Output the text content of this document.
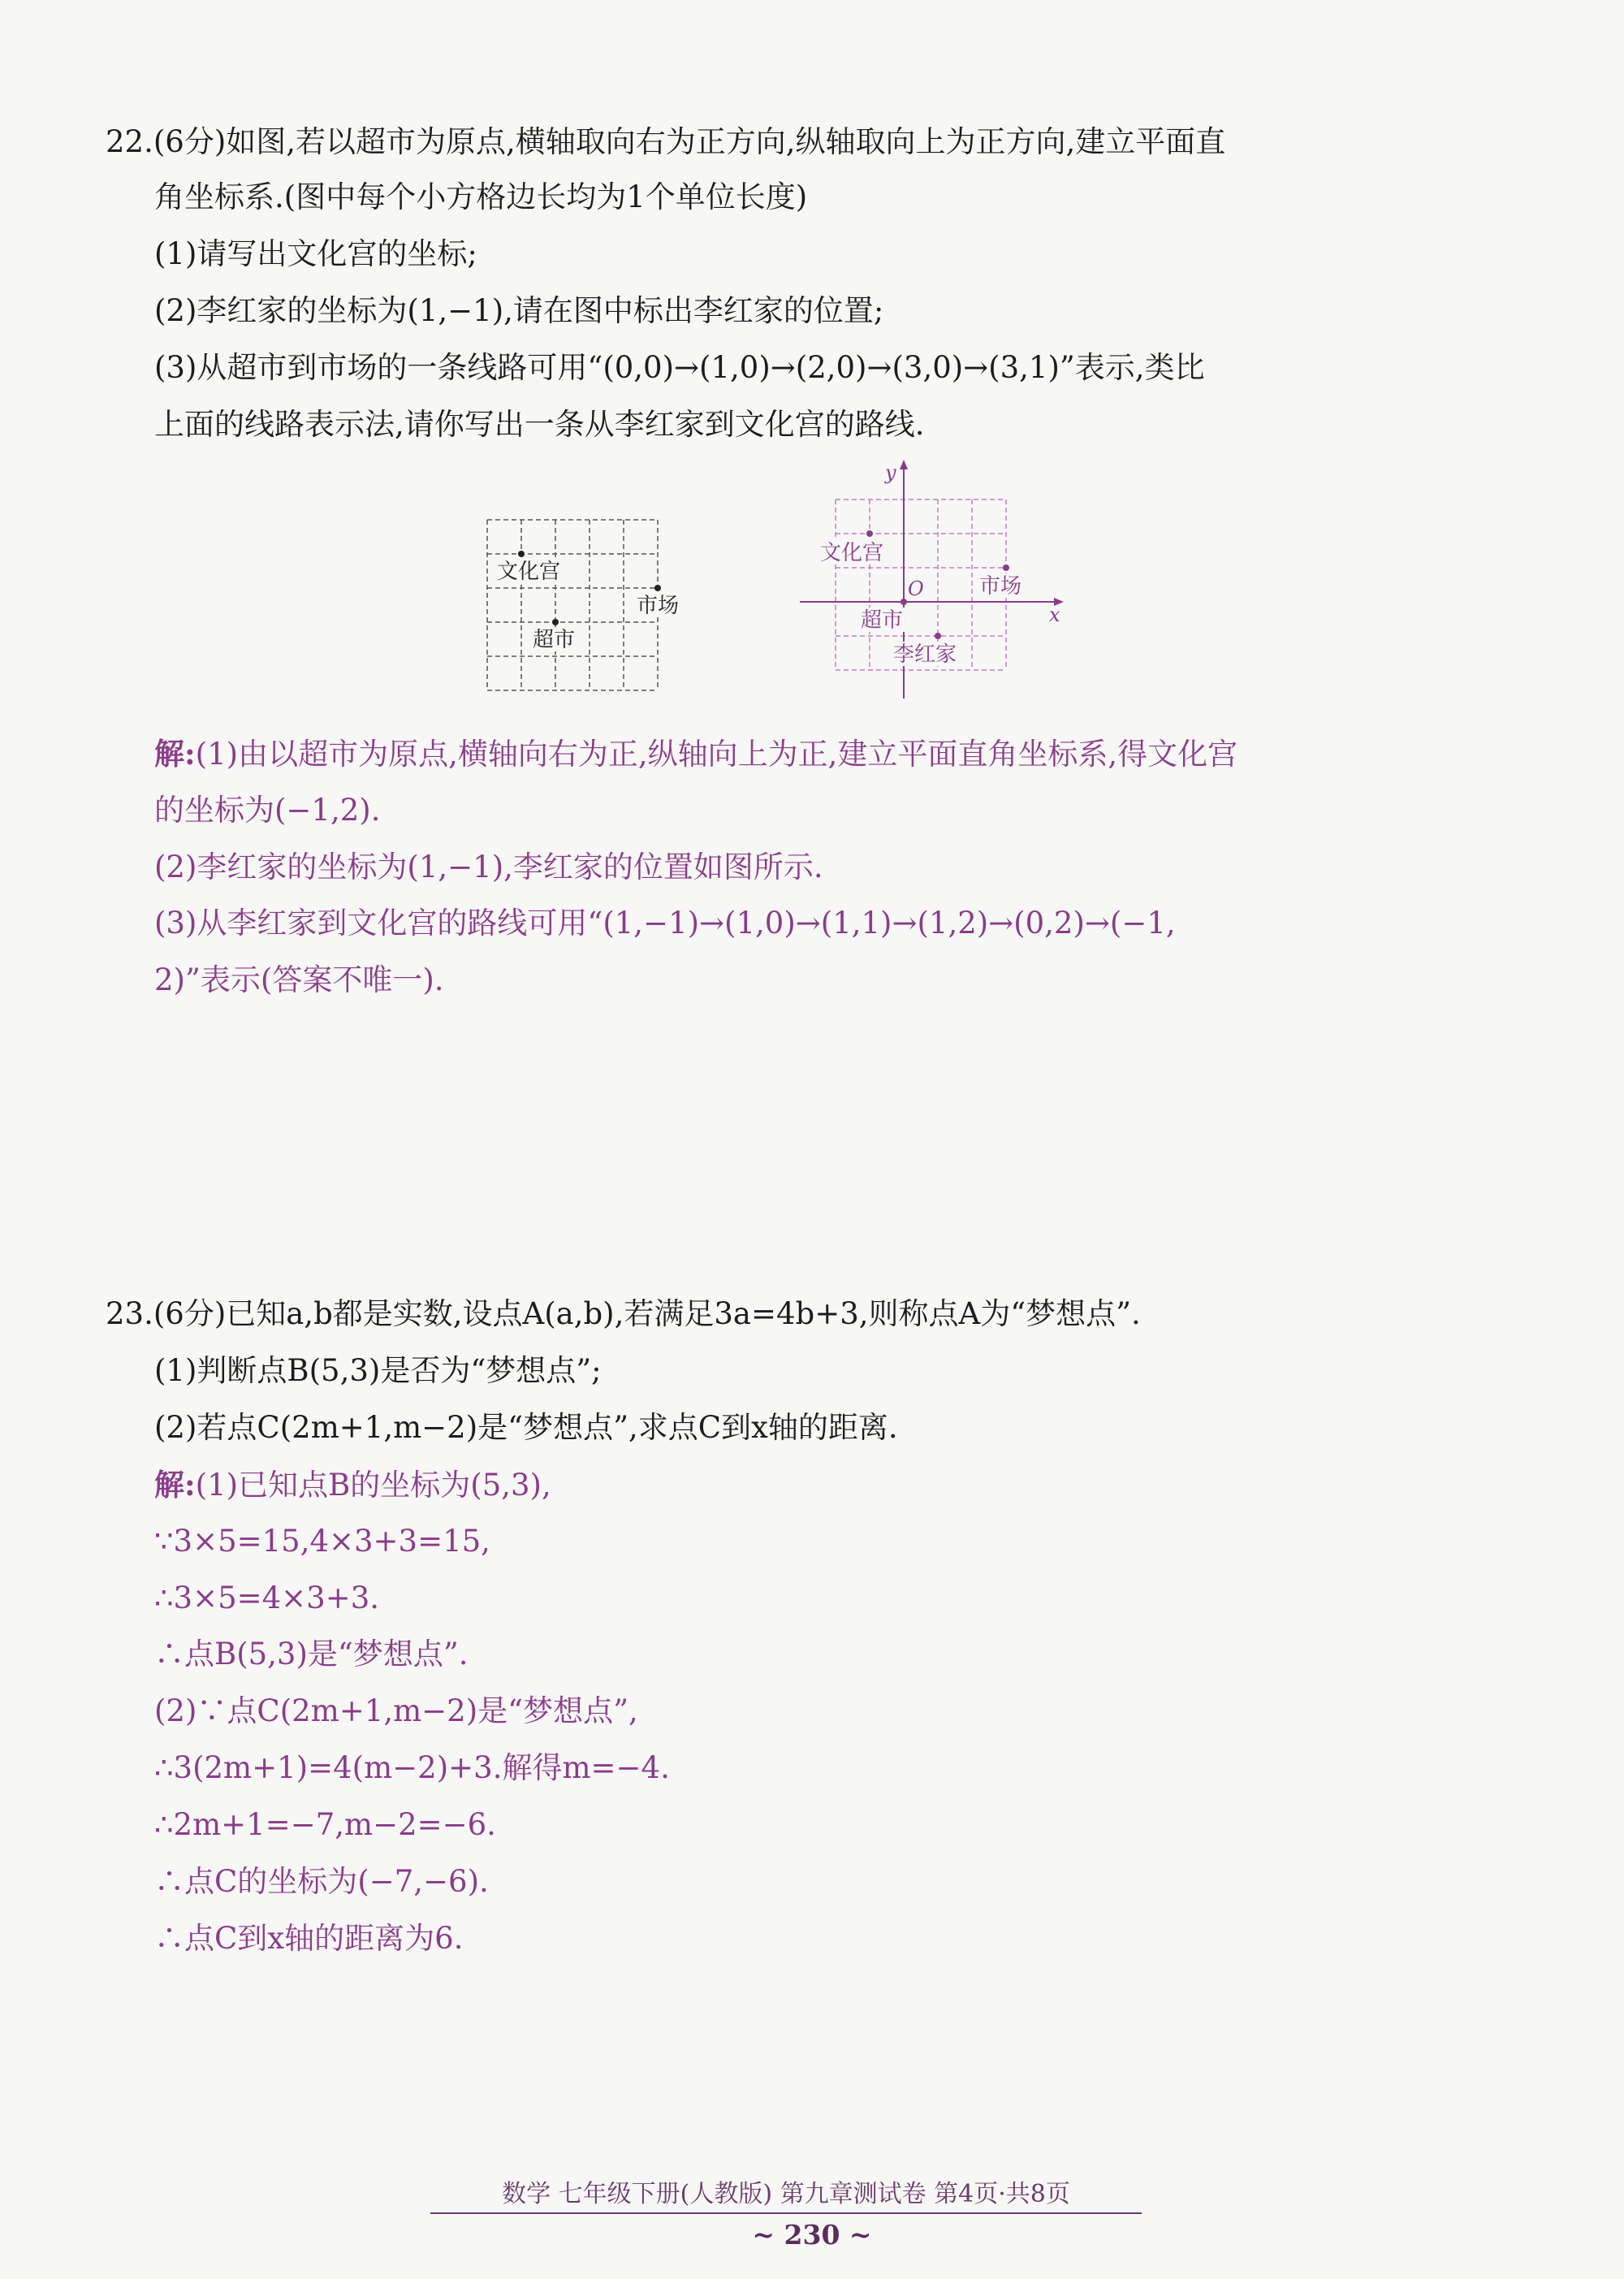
22.(6分)如图,若以超市为原点,横轴取向右为正方向,纵轴取向上为正方向,建立平面直
角坐标系.(图中每个小方格边长均为1个单位长度)
(1)请写出文化宫的坐标;
(2)李红家的坐标为(1,−1),请在图中标出李红家的位置;
(3)从超市到市场的一条线路可用“(0,0)→(1,0)→(2,0)→(3,0)→(3,1)”表示,类比
上面的线路表示法,请你写出一条从李红家到文化宫的路线.
文化宫
市场
超市
y
x
O
文化宫
市场
超市
李红家
解:(1)由以超市为原点,横轴向右为正,纵轴向上为正,建立平面直角坐标系,得文化宫
的坐标为(−1,2).
(2)李红家的坐标为(1,−1),李红家的位置如图所示.
(3)从李红家到文化宫的路线可用“(1,−1)→(1,0)→(1,1)→(1,2)→(0,2)→(−1,
2)”表示(答案不唯一).
23.(6分)已知a,b都是实数,设点A(a,b),若满足3a=4b+3,则称点A为“梦想点”.
(1)判断点B(5,3)是否为“梦想点”;
(2)若点C(2m+1,m−2)是“梦想点”,求点C到x轴的距离.
解:(1)已知点B的坐标为(5,3),
∵3×5=15,4×3+3=15,
∴3×5=4×3+3.
∴点B(5,3)是“梦想点”.
(2)∵点C(2m+1,m−2)是“梦想点”,
∴3(2m+1)=4(m−2)+3.解得m=−4.
∴2m+1=−7,m−2=−6.
∴点C的坐标为(−7,−6).
∴点C到x轴的距离为6.
数学 七年级下册(人教版) 第九章测试卷 第4页·共8页
~ 230 ~
